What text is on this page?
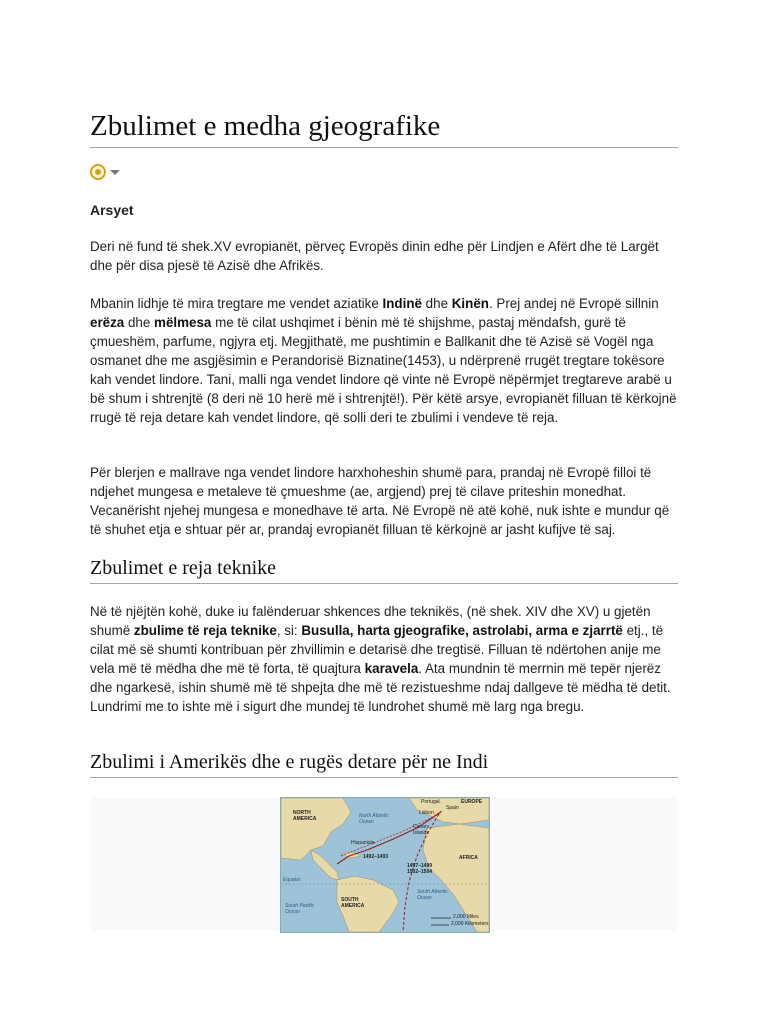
Zbulimet e medha gjeografike
Arsyet

Deri në fund të shek.XV evropianët, përveç Evropës dinin edhe për Lindjen e Afërt dhe të Largët dhe për disa pjesë të Azisë dhe Afrikës.

Mbanin lidhje të mira tregtare me vendet aziatike Indinë dhe Kinën. Prej andej në Evropë sillnin erëza dhe mëlmesa me të cilat ushqimet i bënin më të shijshme, pastaj mëndafsh, gurë të çmueshëm, parfume, ngjyra etj. Megjithatë, me pushtimin e Ballkanit dhe të Azisë së Vogël nga osmanet dhe me asgjësimin e Perandorisë Biznatine(1453), u ndërprenë rrugët tregtare tokësore kah vendet lindore. Tani, malli nga vendet lindore që vinte në Evropë nëpërmjet tregtareve arabë u bë shum i shtrenjtë (8 deri në 10 herë më i shtrenjtë!). Për këtë arsye, evropianët filluan të kërkojnë rrugë të reja detare kah vendet lindore, që solli deri te zbulimi i vendeve të reja.

Për blerjen e mallrave nga vendet lindore harxhoheshin shumë para, prandaj në Evropë filloi të ndjehet mungesa e metaleve të çmueshme (ae, argjend) prej të cilave priteshin monedhat. Vecanërisht njehej mungesa e monedhave të arta. Në Evropë në atë kohë, nuk ishte e mundur që të shuhet etja e shtuar për ar, prandaj evropianët filluan të kërkojnë ar jasht kufijve të saj.

Zbulimet e reja teknike

Në të njëjtën kohë, duke iu falënderuar shkences dhe teknikës, (në shek. XIV dhe XV) u gjetën shumë zbulime të reja teknike, si: Busulla, harta gjeografike, astrolabi, arma e zjarrtë etj., të cilat më së shumti kontribuan për zhvillimin e detarisë dhe tregtisë. Filluan të ndërtohen anije me vela më të mëdha dhe më të forta, të quajtura karavela. Ata mundnin të merrnin më tepër njerëz dhe ngarkesë, ishin shumë më të shpejta dhe më të rezistueshme ndaj dallgeve të mëdha të detit. Lundrimi me to ishte më i sigurt dhe mundej të lundrohet shumë më larg nga bregu.

Zbulimi i Amerikës dhe e rugës detare për ne Indi
NORTH AMERICA	North Atlantic Ocean
EUROPE
Portugal
Spain
Lisbon
Canary Islands
Hispaniola
AFRICA
Equator
1492–1493
1497–1499
1502–1504
SOUTH AMERICA
South Pacific Ocean
South Atlantic Ocean
2,000 Miles
2,000 Kilometers
